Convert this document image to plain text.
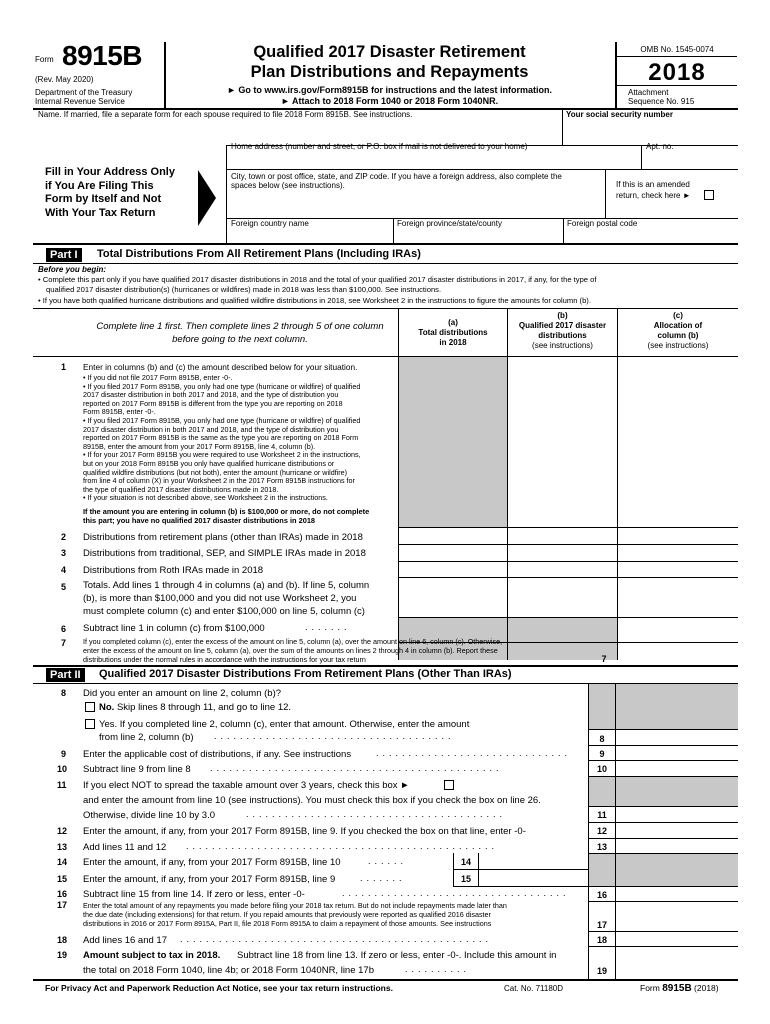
Form 8915B
(Rev. May 2020)
Department of the Treasury
Internal Revenue Service
Qualified 2017 Disaster Retirement
Plan Distributions and Repayments
► Go to www.irs.gov/Form8915B for instructions and the latest information.
► Attach to 2018 Form 1040 or 2018 Form 1040NR.
OMB No. 1545-0074
2018
Attachment
Sequence No. 915
Name. If married, file a separate form for each spouse required to file 2018 Form 8915B. See instructions.	Your social security number
Fill in Your Address Only
if You Are Filing This
Form by Itself and Not
With Your Tax Return
Home address (number and street, or P.O. box if mail is not delivered to your home)	Apt. no.
City, town or post office, state, and ZIP code. If you have a foreign address, also complete the
spaces below (see instructions).	If this is an amended
return, check here ►
Foreign country name	Foreign province/state/county	Foreign postal code
Part I	Total Distributions From All Retirement Plans (Including IRAs)
Before you begin:
• Complete this part only if you have qualified 2017 disaster distributions in 2018 and the total of your qualified 2017 disaster distributions in 2017, if any, for the type of
qualified 2017 disaster distribution(s) (hurricanes or wildfires) made in 2018 was less than $100,000. See instructions.
• If you have both qualified hurricane distributions and qualified wildfire distributions in 2018, see Worksheet 2 in the instructions to figure the amounts for column (b).
Complete line 1 first. Then complete lines 2 through 5 of one column
before going to the next column.
(a)
Total distributions
in 2018
(b)
Qualified 2017 disaster
distributions
(see instructions)
(c)
Allocation of
column (b)
(see instructions)
1 Enter in columns (b) and (c) the amount described below for your situation.
• If you did not file 2017 Form 8915B, enter -0-.
• If you filed 2017 Form 8915B, you only had one type (hurricane or wildfire) of qualified
2017 disaster distribution in both 2017 and 2018, and the type of distribution you
reported on 2017 Form 8915B is different from the type you are reporting on 2018
Form 8915B, enter -0-.
• If you filed 2017 Form 8915B, you only had one type (hurricane or wildfire) of qualified
2017 disaster distribution in both 2017 and 2018, and the type of distribution you
reported on 2017 Form 8915B is the same as the type you are reporting on 2018 Form
8915B, enter the amount from your 2017 Form 8915B, line 4, column (b).
• If for your 2017 Form 8915B you were required to use Worksheet 2 in the instructions,
but on your 2018 Form 8915B you only have qualified hurricane distributions or
qualified wildfire distributions (but not both), enter the amount (hurricane or wildfire)
from line 4 of column (X) in your Worksheet 2 in the 2017 Form 8915B instructions for
the type of qualified 2017 disaster distributions made in 2018.
• If your situation is not described above, see Worksheet 2 in the instructions.
If the amount you are entering in column (b) is $100,000 or more, do not complete
this part; you have no qualified 2017 disaster distributions in 2018
2 Distributions from retirement plans (other than IRAs) made in 2018
3 Distributions from traditional, SEP, and SIMPLE IRAs made in 2018
4 Distributions from Roth IRAs made in 2018
5 Totals. Add lines 1 through 4 in columns (a) and (b). If line 5, column
(b), is more than $100,000 and you did not use Worksheet 2, you
must complete column (c) and enter $100,000 on line 5, column (c)
6 Subtract line 1 in column (c) from $100,000	.......
7 If you completed column (c), enter the excess of the amount on line 5, column (a), over the amount on line 6, column (c). Otherwise,
enter the excess of the amount on line 5, column (a), over the sum of the amounts on lines 2 through 4 in column (b). Report these
distributions under the normal rules in accordance with the instructions for your tax return	7
Part II	Qualified 2017 Disaster Distributions From Retirement Plans (Other Than IRAs)
8 Did you enter an amount on line 2, column (b)?
No. Skip lines 8 through 11, and go to line 12.
Yes. If you completed line 2, column (c), enter that amount. Otherwise, enter the amount
from line 2, column (b) .....................................	8
9 Enter the applicable cost of distributions, if any. See instructions	..............................	9
10 Subtract line 9 from line 8 .............................................	10
11 If you elect NOT to spread the taxable amount over 3 years, check this box ►
and enter the amount from line 10 (see instructions). You must check this box if you check the box on line 26.
Otherwise, divide line 10 by 3.0	........................................	11
12 Enter the amount, if any, from your 2017 Form 8915B, line 9. If you checked the box on that line, enter -0-	12
13 Add lines 11 and 12 ................................................	13
14 Enter the amount, if any, from your 2017 Form 8915B, line 10	......	14
15 Enter the amount, if any, from your 2017 Form 8915B, line 9	.......	15
16 Subtract line 15 from line 14. If zero or less, enter -0-	...................................	16
17 Enter the total amount of any repayments you made before filing your 2018 tax return. But do not include repayments made later than
the due date (including extensions) for that return. If you repaid amounts that previously were reported as qualified 2016 disaster
distributions in 2016 or 2017 Form 8915A, Part II, file 2018 Form 8915A to claim a repayment of those amounts. See instructions	17
18 Add lines 16 and 17 ................................................	18
19 Amount subject to tax in 2018. Subtract line 18 from line 13. If zero or less, enter -0-. Include this amount in
the total on 2018 Form 1040, line 4b; or 2018 Form 1040NR, line 17b	..........	19
For Privacy Act and Paperwork Reduction Act Notice, see your tax return instructions.	Cat. No. 71180D	Form 8915B (2018)
